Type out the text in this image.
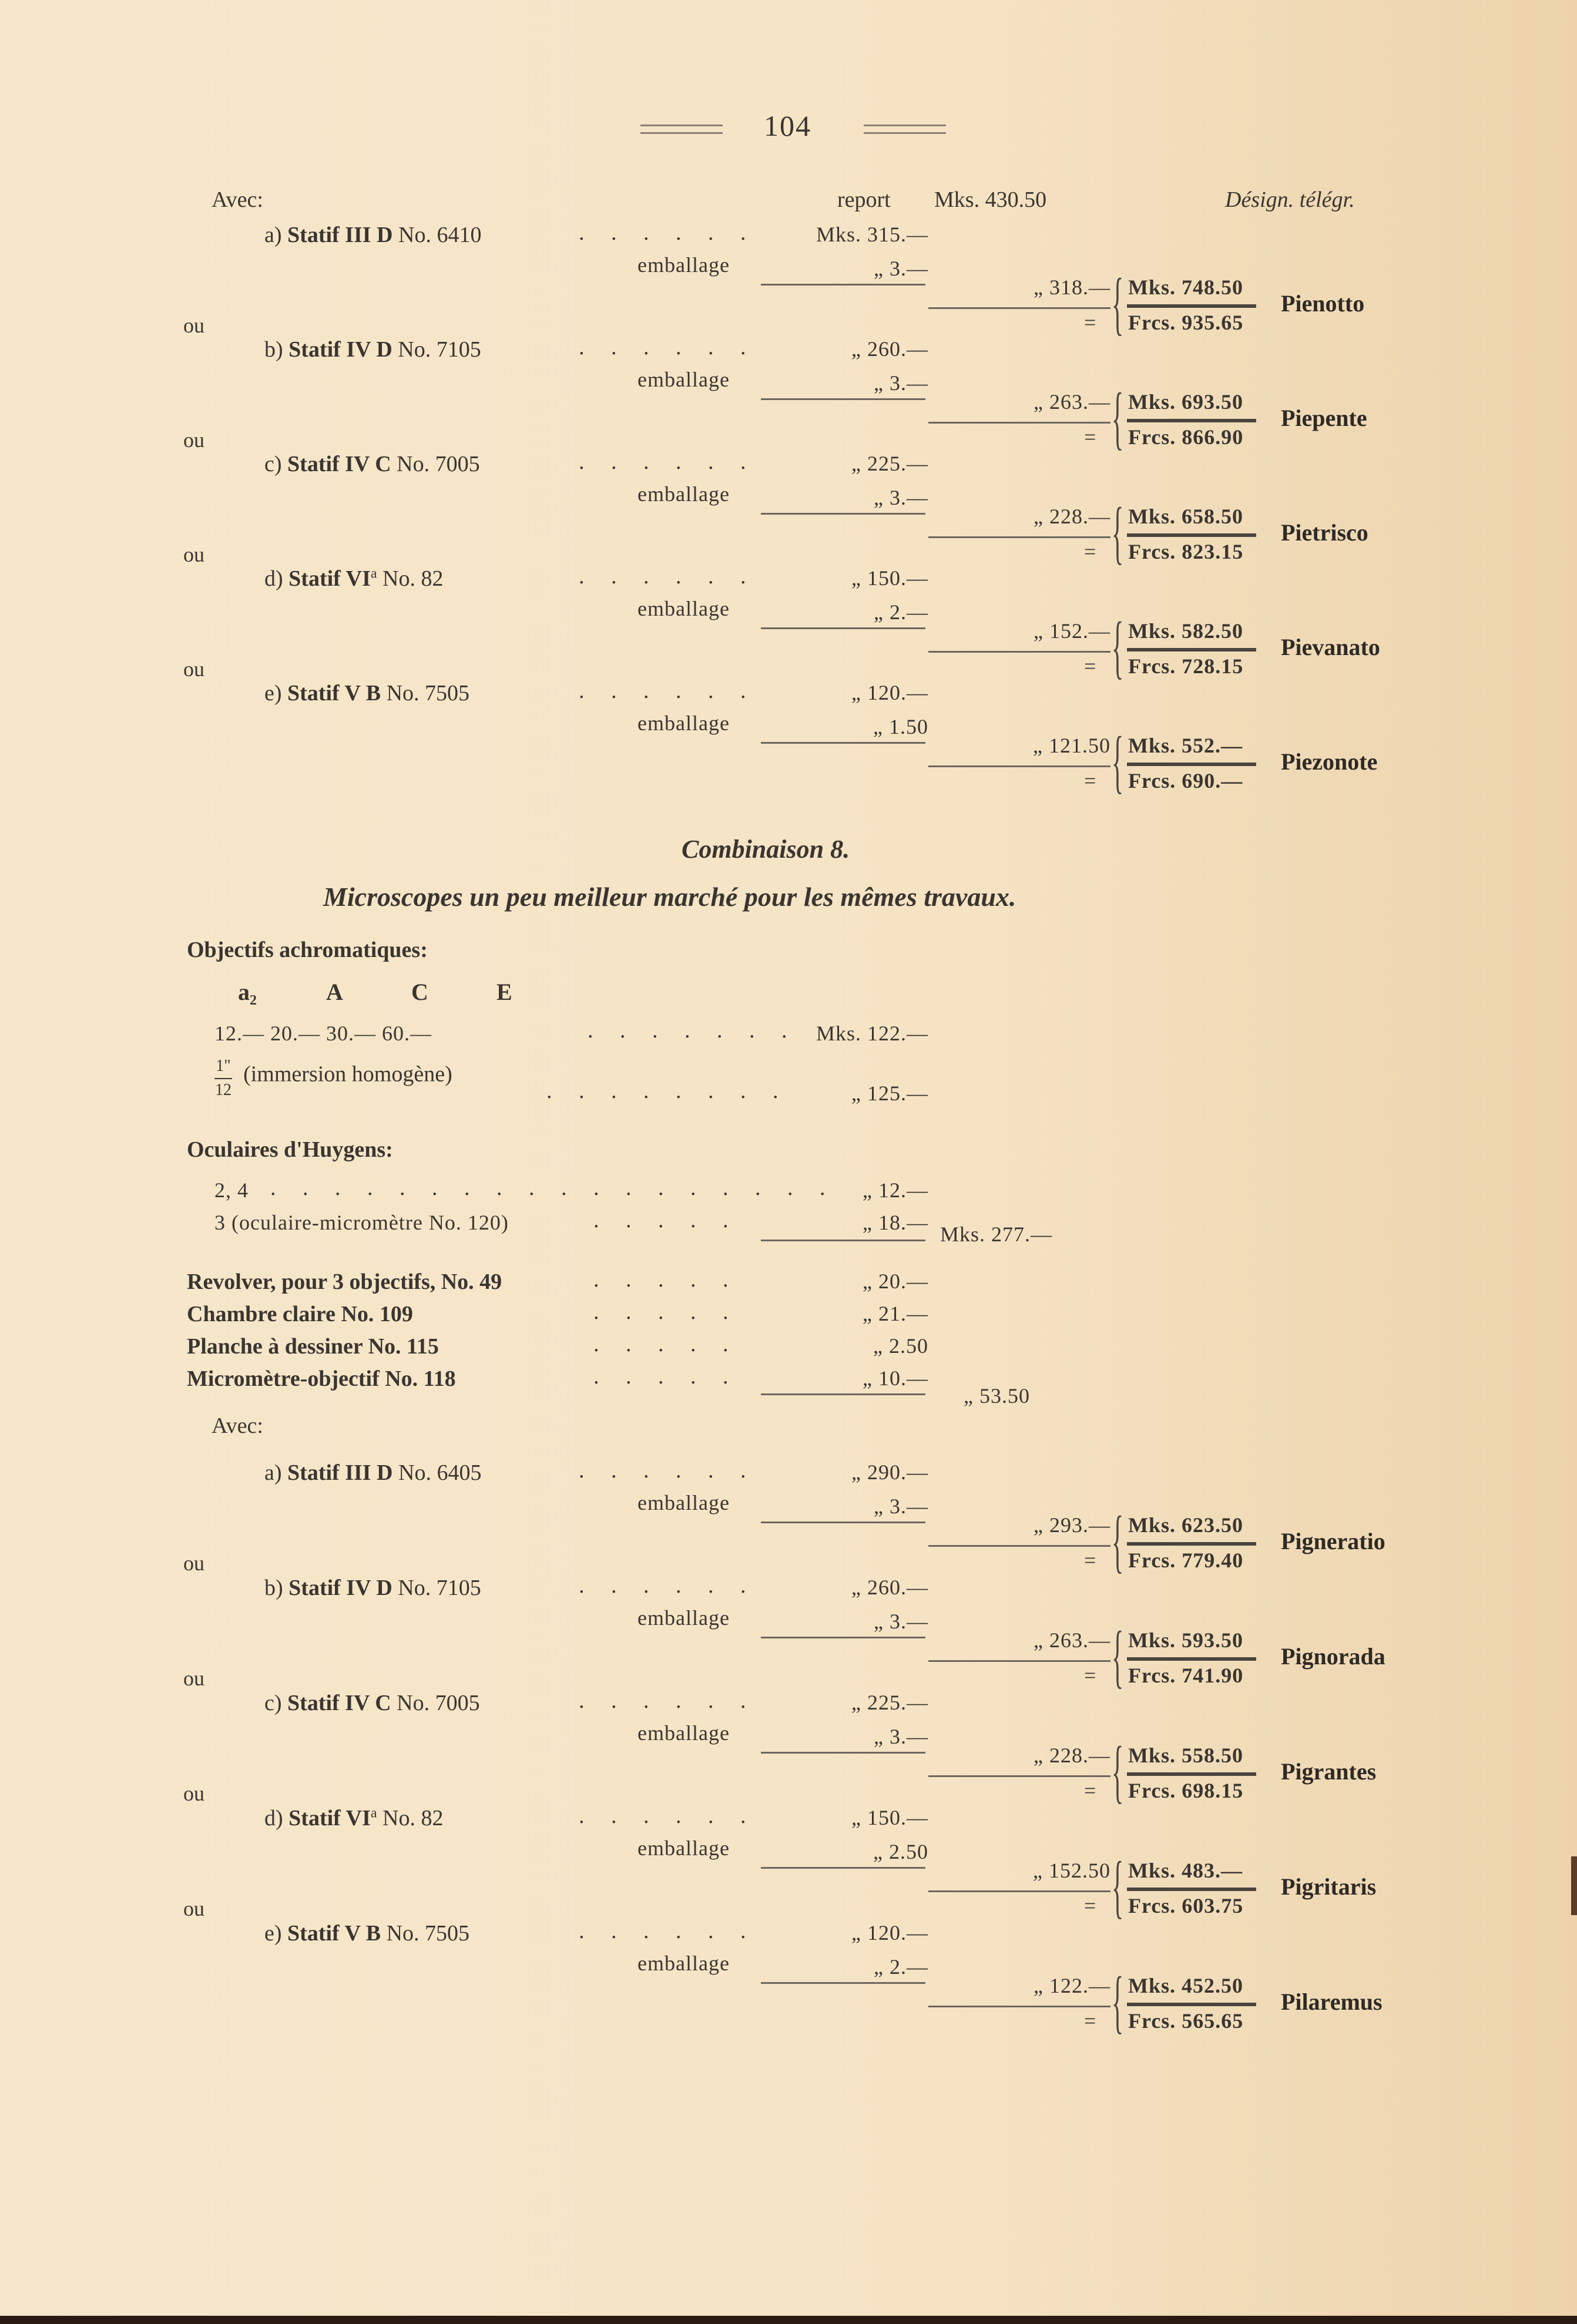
104
Avec:	report Mks. 430.50	Désign. télégr.
a) Statif III D No. 6410	. . . . . .	Mks. 315.—
emballage	„ 3.—
„ 318.— { Mks. 748.50
= Frcs. 935.65
Pienotto
ou
b) Statif IV D No. 7105	. . . . . .	„ 260.—
emballage	„ 3.—
„ 263.— { Mks. 693.50
= Frcs. 866.90
Piepente
ou
c) Statif IV C No. 7005	. . . . . .	„ 225.—
emballage	„ 3.—
„ 228.— { Mks. 658.50
= Frcs. 823.15
Pietrisco
ou
d) Statif $VI^a$ No. 82	. . . . . .	„ 150.—
emballage	„ 2.—
„ 152.— { Mks. 582.50
= Frcs. 728.15
Pievanato
ou
e) Statif V B No. 7505	. . . . . .	„ 120.—
emballage	„ 1.50
„ 121.50 { Mks. 552.—
= Frcs. 690.—
Piezonote
Combinaison 8.
Microscopes un peu meilleur marché pour les mêmes travaux.
Objectifs achromatiques:
a₂	A	C	E
12.— 20.— 30.— 60.—	. . . . . . . Mks. 122.—
$\frac{1"}{12}$ (immersion homogène)
. . . . . . . .	„ 125.—
Oculaires d'Huygens:
2, 4 . . . . . . . . . . . . . . . . . .	„ 12.—
3 (oculaire-micromètre No. 120)	. . . . .	„ 18.— Mks. 277.—
Revolver, pour 3 objectifs, No. 49	. . . . .	„ 20.—
Chambre claire No. 109	. . . . .	„ 21.—
Planche à dessiner No. 115	. . . . .	„ 2.50
Micromètre-objectif No. 118	. . . . .	„ 10.—
„ 53.50
Avec:
a) Statif III D No. 6405	. . . . . .	„ 290.—
emballage	„ 3.—
„ 293.— { Mks. 623.50
= Frcs. 779.40
Pigneratio
ou
b) Statif IV D No. 7105	. . . . . .	„ 260.—
emballage	„ 3.—
„ 263.— { Mks. 593.50
= Frcs. 741.90
Pignorada
ou
c) Statif IV C No. 7005	. . . . . .	„ 225.—
emballage	„ 3.—
„ 228.— { Mks. 558.50
= Frcs. 698.15
Pigrantes
ou
d) Statif $VI^a$ No. 82	. . . . . .	„ 150.—
emballage	„ 2.50
„ 152.50 { Mks. 483.—
= Frcs. 603.75
Pigritaris
ou
e) Statif V B No. 7505	. . . . . .	„ 120.—
emballage	„ 2.—
„ 122.— { Mks. 452.50
= Frcs. 565.65
Pilaremus
